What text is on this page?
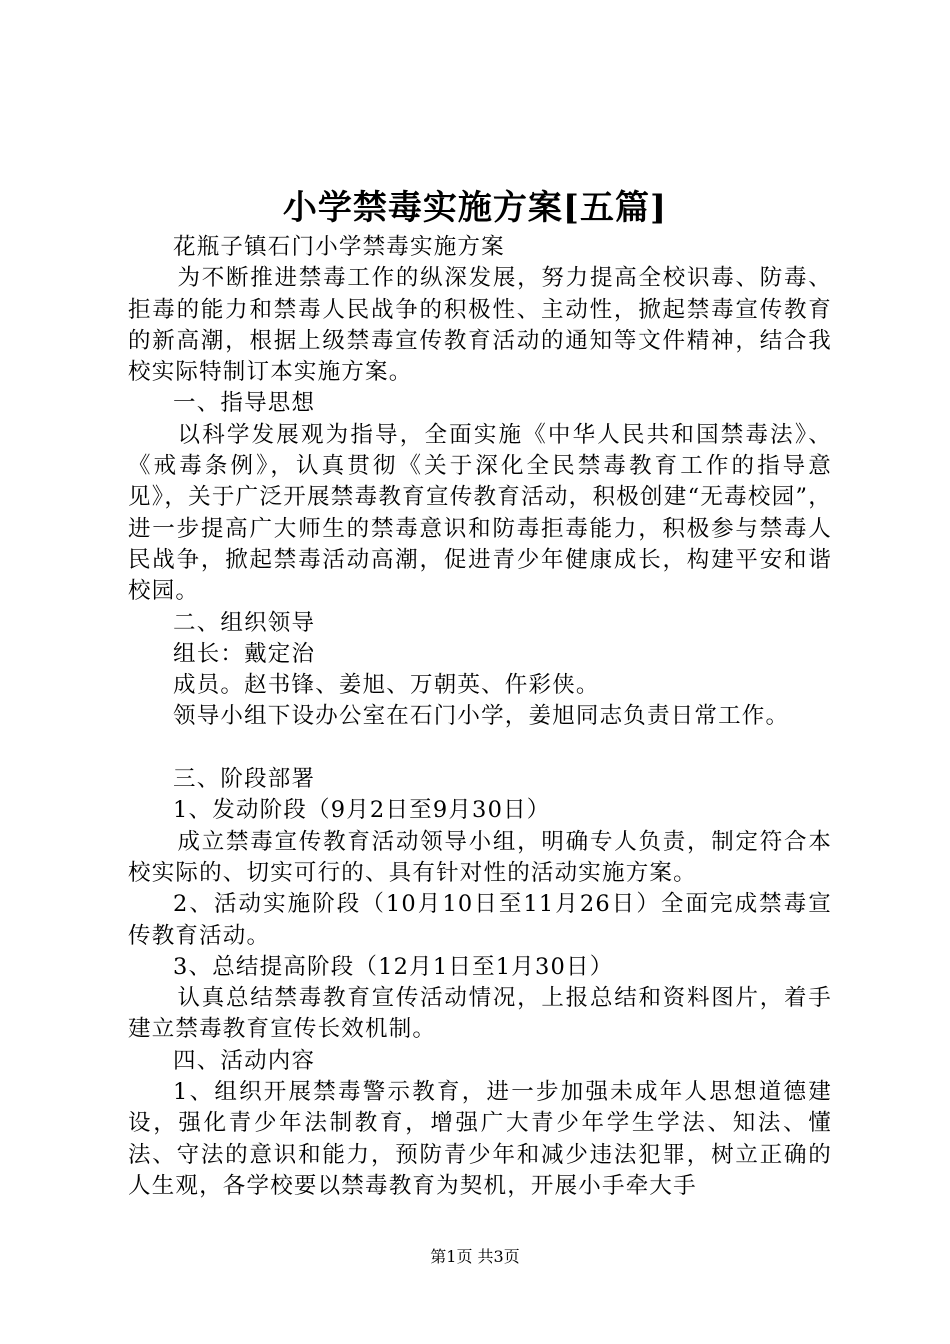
小学禁毒实施方案[五篇]

花瓶子镇石门小学禁毒实施方案

为不断推进禁毒工作的纵深发展，努力提高全校识毒、防毒、拒毒的能力和禁毒人民战争的积极性、主动性，掀起禁毒宣传教育的新高潮，根据上级禁毒宣传教育活动的通知等文件精神，结合我校实际特制订本实施方案。

一、指导思想

以科学发展观为指导，全面实施《中华人民共和国禁毒法》、《戒毒条例》，认真贯彻《关于深化全民禁毒教育工作的指导意见》，关于广泛开展禁毒教育宣传教育活动，积极创建“无毒校园”，进一步提高广大师生的禁毒意识和防毒拒毒能力，积极参与禁毒人民战争，掀起禁毒活动高潮，促进青少年健康成长，构建平安和谐校园。

二、组织领导

组长：戴定治

成员。赵书锋、姜旭、万朝英、仵彩侠。

领导小组下设办公室在石门小学，姜旭同志负责日常工作。

三、阶段部署

1、发动阶段（9月2日至9月30日）

成立禁毒宣传教育活动领导小组，明确专人负责，制定符合本校实际的、切实可行的、具有针对性的活动实施方案。

2、活动实施阶段（10月10日至11月26日）全面完成禁毒宣传教育活动。

3、总结提高阶段（12月1日至1月30日）

认真总结禁毒教育宣传活动情况，上报总结和资料图片，着手建立禁毒教育宣传长效机制。

四、活动内容

1、组织开展禁毒警示教育，进一步加强未成年人思想道德建设，强化青少年法制教育，增强广大青少年学生学法、知法、懂法、守法的意识和能力，预防青少年和减少违法犯罪，树立正确的人生观，各学校要以禁毒教育为契机，开展小手牵大手

第1页 共3页
